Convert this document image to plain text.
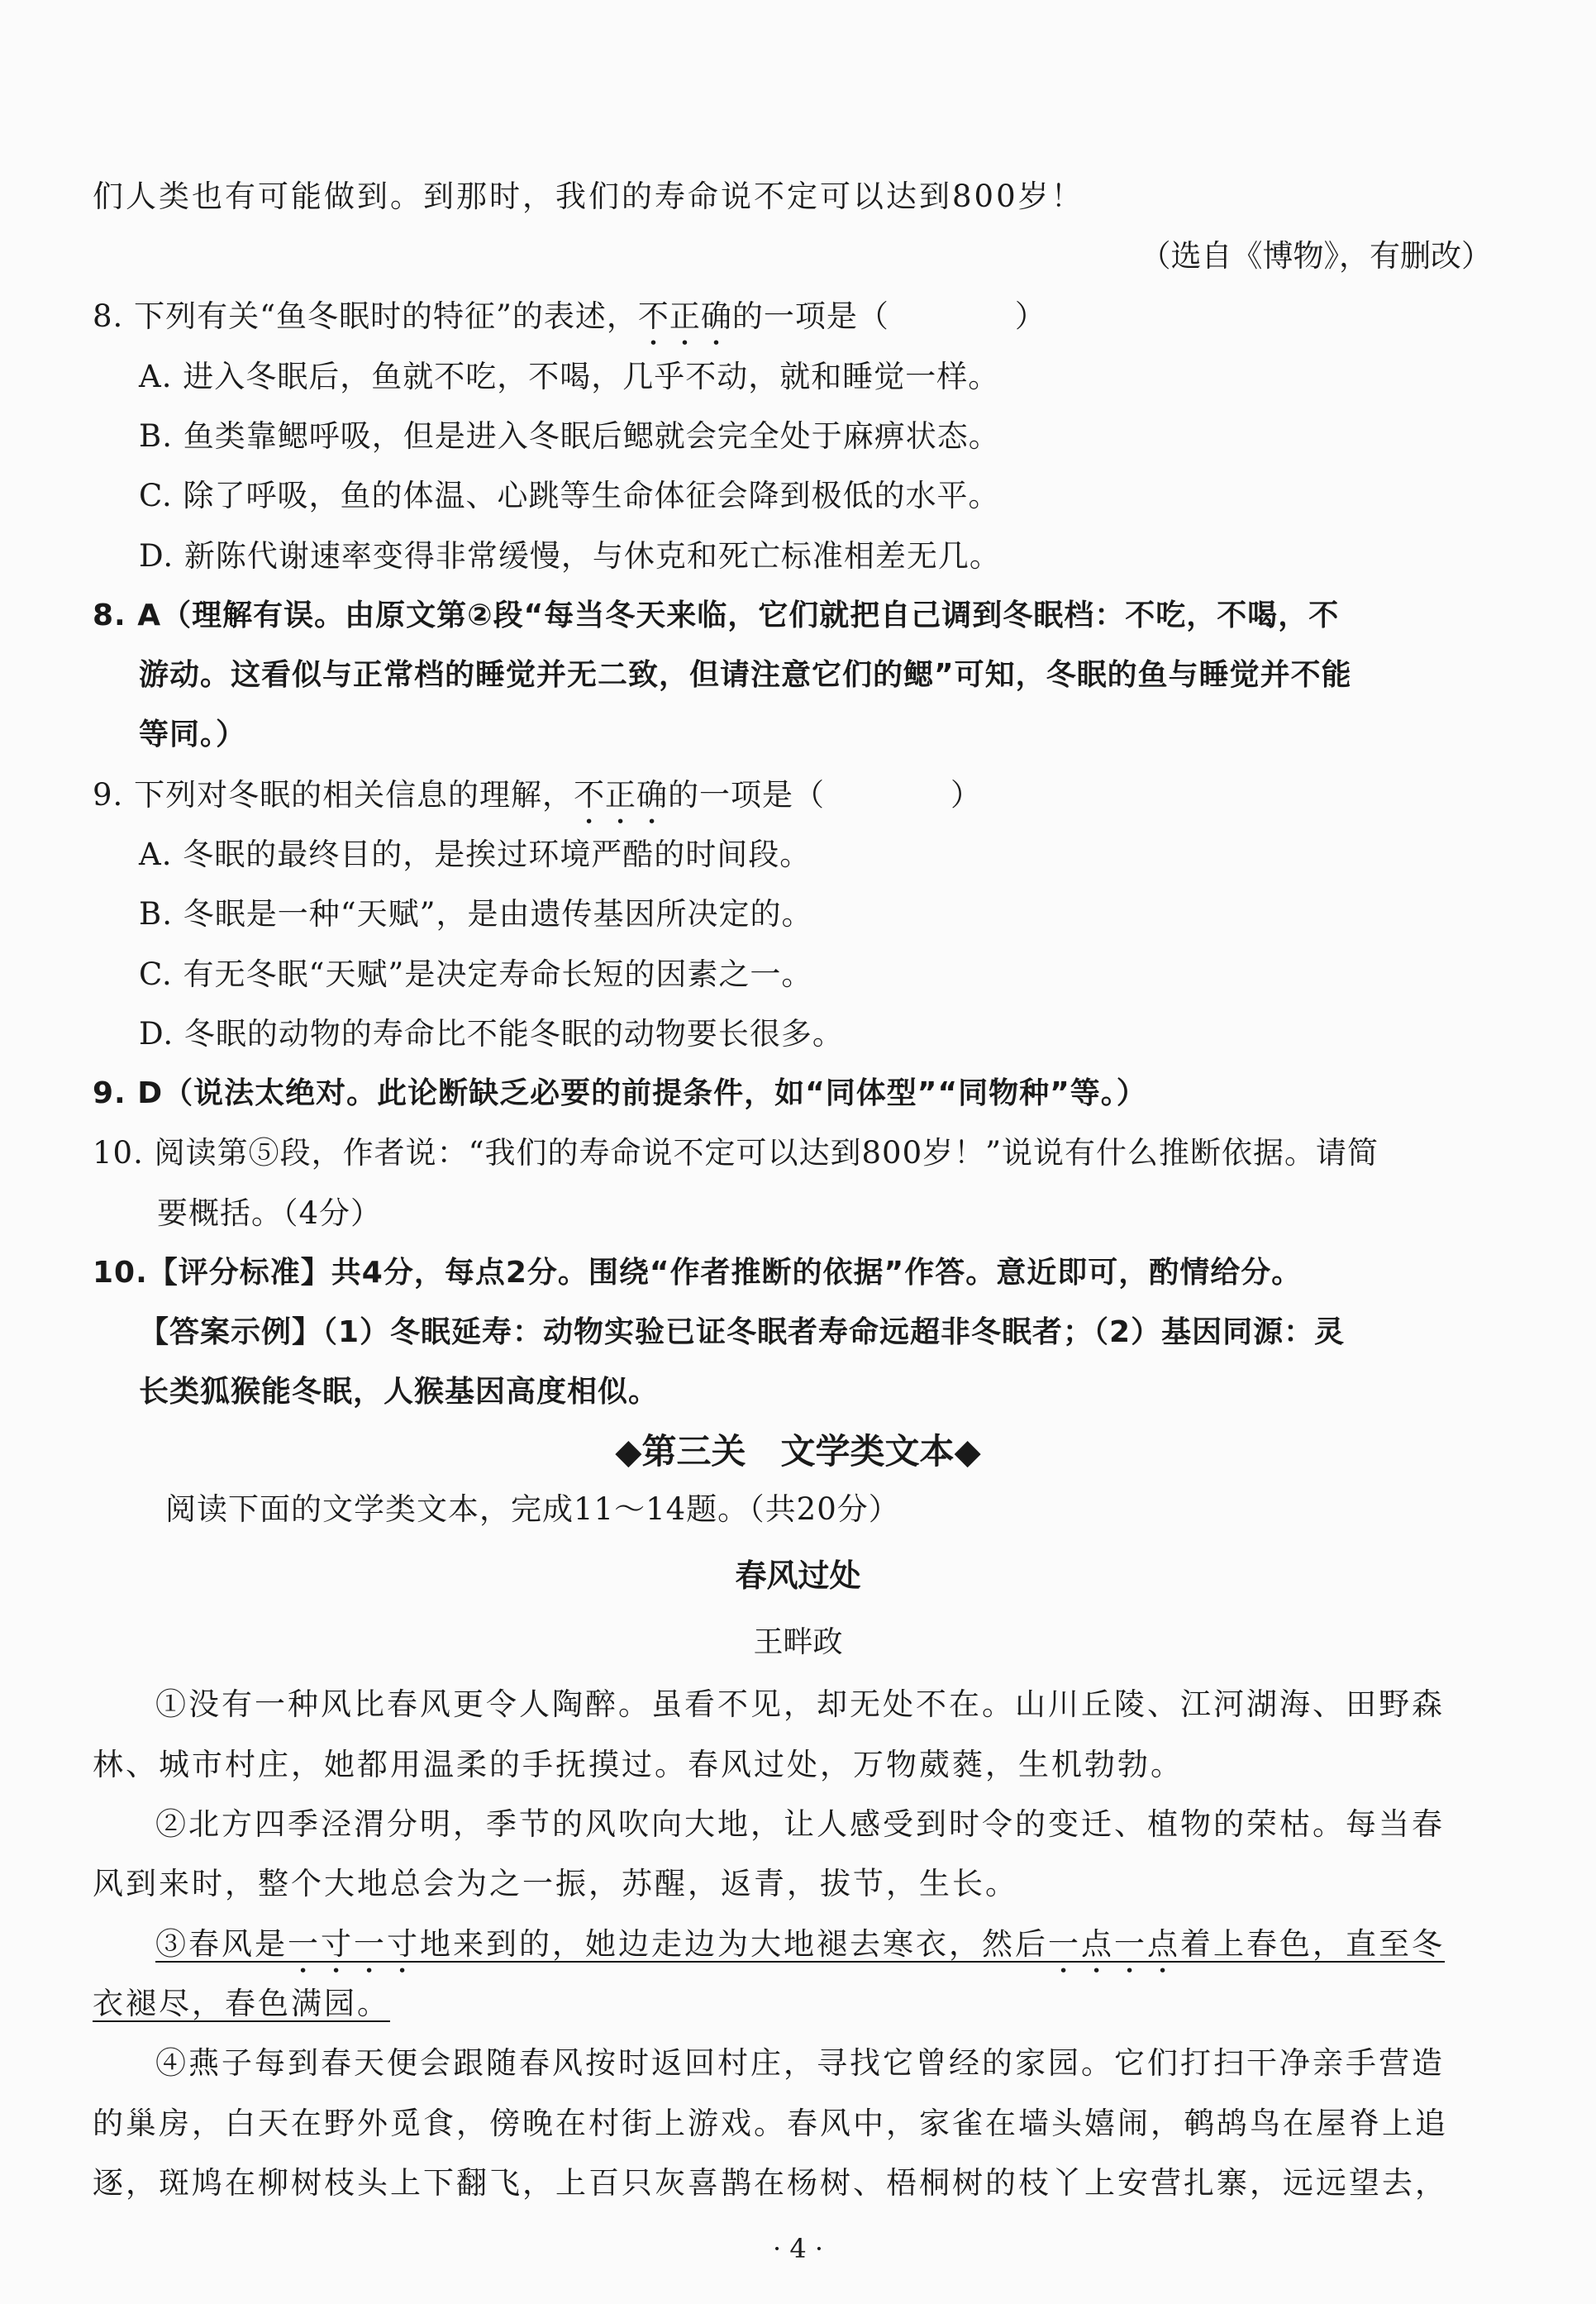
们人类也有可能做到。到那时，我们的寿命说不定可以达到800岁！
（选自《博物》，有删改）
8. 下列有关“鱼冬眠时的特征”的表述，不正确的一项是（　　　　）
A. 进入冬眠后，鱼就不吃，不喝，几乎不动，就和睡觉一样。
B. 鱼类靠鳃呼吸，但是进入冬眠后鳃就会完全处于麻痹状态。
C. 除了呼吸，鱼的体温、心跳等生命体征会降到极低的水平。
D. 新陈代谢速率变得非常缓慢，与休克和死亡标准相差无几。
8. A（理解有误。由原文第②段“每当冬天来临，它们就把自己调到冬眠档：不吃，不喝，不
游动。这看似与正常档的睡觉并无二致，但请注意它们的鳃”可知，冬眠的鱼与睡觉并不能
等同。）
9. 下列对冬眠的相关信息的理解，不正确的一项是（　　　　）
A. 冬眠的最终目的，是挨过环境严酷的时间段。
B. 冬眠是一种“天赋”，是由遗传基因所决定的。
C. 有无冬眠“天赋”是决定寿命长短的因素之一。
D. 冬眠的动物的寿命比不能冬眠的动物要长很多。
9. D（说法太绝对。此论断缺乏必要的前提条件，如“同体型”“同物种”等。）
10. 阅读第⑤段，作者说：“我们的寿命说不定可以达到800岁！”说说有什么推断依据。请简
要概括。（4分）
10.【评分标准】共4分，每点2分。围绕“作者推断的依据”作答。意近即可，酌情给分。
【答案示例】（1）冬眠延寿：动物实验已证冬眠者寿命远超非冬眠者；（2）基因同源：灵
长类狐猴能冬眠，人猴基因高度相似。
◆第三关　文学类文本◆
阅读下面的文学类文本，完成11～14题。（共20分）
春风过处
王畔政
①没有一种风比春风更令人陶醉。虽看不见，却无处不在。山川丘陵、江河湖海、田野森
林、城市村庄，她都用温柔的手抚摸过。春风过处，万物葳蕤，生机勃勃。
②北方四季泾渭分明，季节的风吹向大地，让人感受到时令的变迁、植物的荣枯。每当春
风到来时，整个大地总会为之一振，苏醒，返青，拔节，生长。
③春风是一寸一寸地来到的，她边走边为大地褪去寒衣，然后一点一点着上春色，直至冬
衣褪尽，春色满园。
④燕子每到春天便会跟随春风按时返回村庄，寻找它曾经的家园。它们打扫干净亲手营造
的巢房，白天在野外觅食，傍晚在村街上游戏。春风中，家雀在墙头嬉闹，鹌鸪鸟在屋脊上追
逐，斑鸠在柳树枝头上下翻飞，上百只灰喜鹊在杨树、梧桐树的枝丫上安营扎寨，远远望去，
· 4 ·
